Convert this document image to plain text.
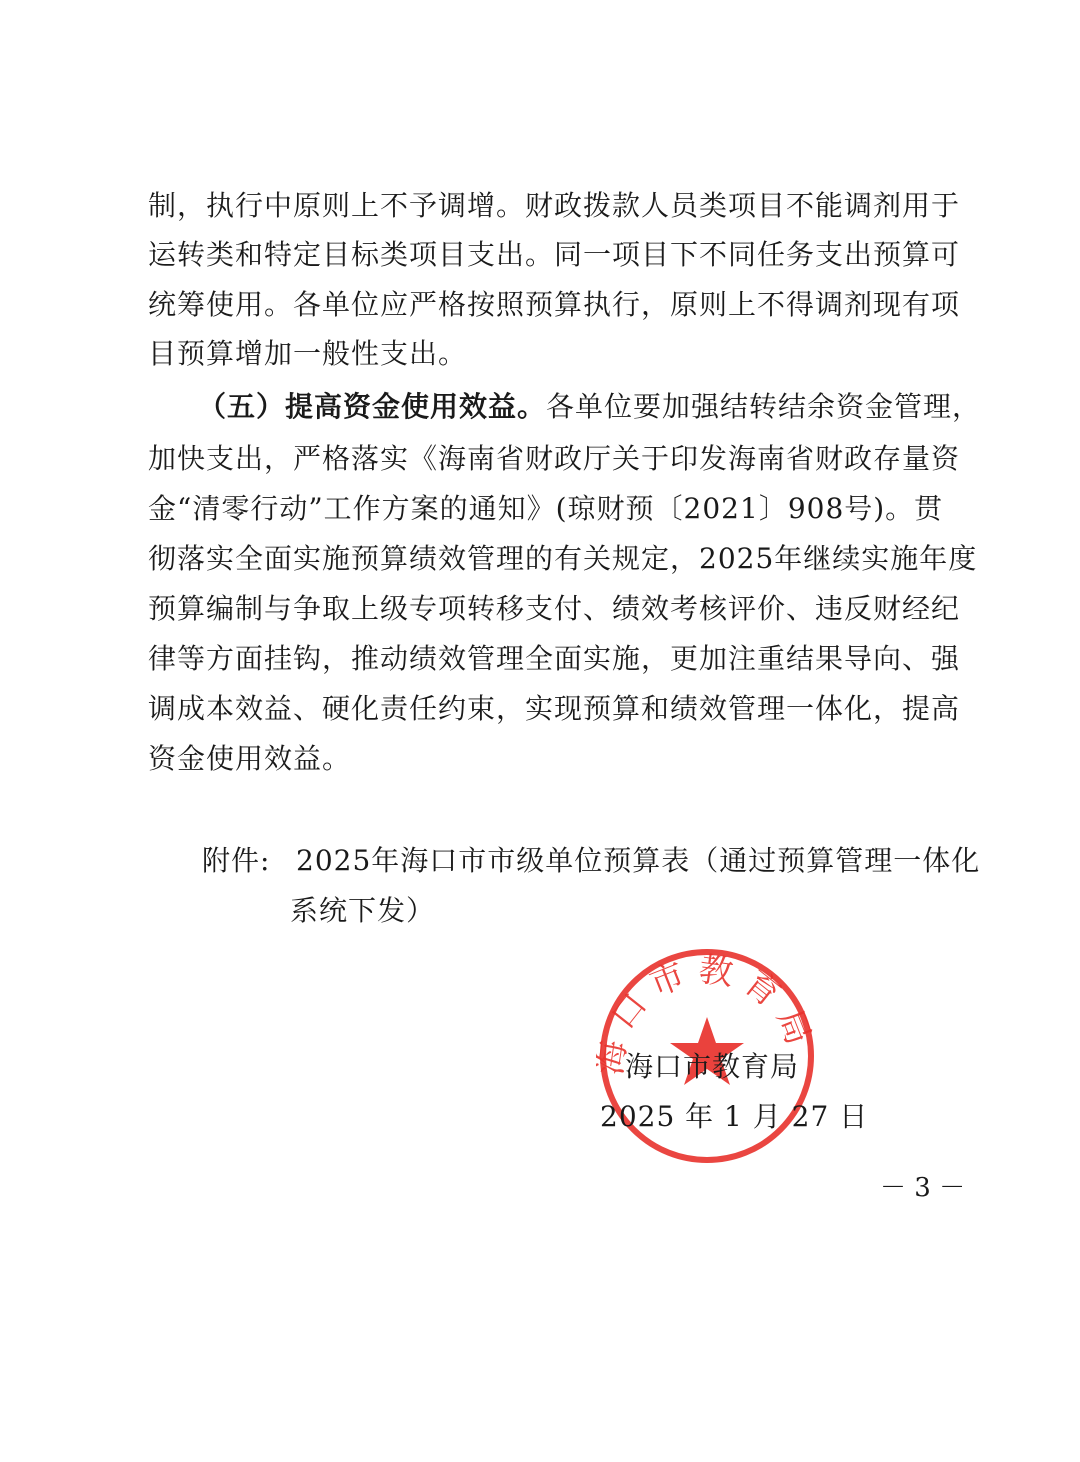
制，执行中原则上不予调增。财政拨款人员类项目不能调剂用于
运转类和特定目标类项目支出。同一项目下不同任务支出预算可
统筹使用。各单位应严格按照预算执行，原则上不得调剂现有项
目预算增加一般性支出。
（五）提高资金使用效益。各单位要加强结转结余资金管理，
加快支出，严格落实《海南省财政厅关于印发海南省财政存量资
金“清零行动”工作方案的通知》(琼财预〔2021〕908号)。贯
彻落实全面实施预算绩效管理的有关规定，2025年继续实施年度
预算编制与争取上级专项转移支付、绩效考核评价、违反财经纪
律等方面挂钩，推动绩效管理全面实施，更加注重结果导向、强
调成本效益、硬化责任约束，实现预算和绩效管理一体化，提高
资金使用效益。
附件: 2025年海口市市级单位预算表（通过预算管理一体化
系统下发）
口市教育局
海口市教育局
2025 年 1 月 27 日
－ 3 －
